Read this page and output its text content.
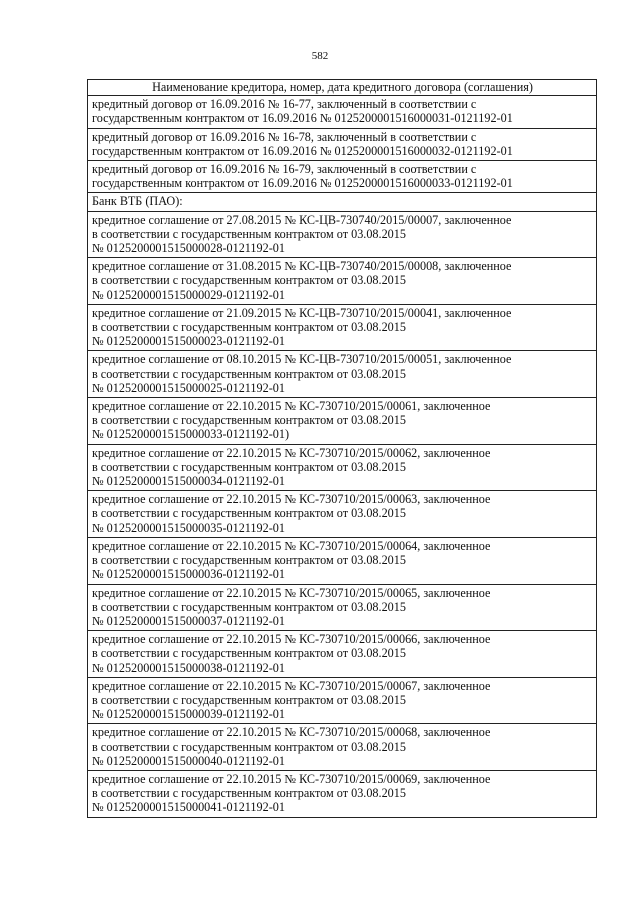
582
Наименование кредитора, номер, дата кредитного договора (соглашения)

кредитный договор от 16.09.2016 № 16-77, заключенный в соответствии с
государственным контрактом от 16.09.2016 № 0125200001516000031-0121192-01

кредитный договор от 16.09.2016 № 16-78, заключенный в соответствии с
государственным контрактом от 16.09.2016 № 0125200001516000032-0121192-01

кредитный договор от 16.09.2016 № 16-79, заключенный в соответствии с
государственным контрактом от 16.09.2016 № 0125200001516000033-0121192-01

Банк ВТБ (ПАО):

кредитное соглашение от 27.08.2015 № КС-ЦВ-730740/2015/00007, заключенное
в соответствии с государственным контрактом от 03.08.2015
№ 0125200001515000028-0121192-01

кредитное соглашение от 31.08.2015 № КС-ЦВ-730740/2015/00008, заключенное
в соответствии с государственным контрактом от 03.08.2015
№ 0125200001515000029-0121192-01

кредитное соглашение от 21.09.2015 № КС-ЦВ-730710/2015/00041, заключенное
в соответствии с государственным контрактом от 03.08.2015
№ 0125200001515000023-0121192-01

кредитное соглашение от 08.10.2015 № КС-ЦВ-730710/2015/00051, заключенное
в соответствии с государственным контрактом от 03.08.2015
№ 0125200001515000025-0121192-01

кредитное соглашение от 22.10.2015 № КС-730710/2015/00061, заключенное
в соответствии с государственным контрактом от 03.08.2015
№ 0125200001515000033-0121192-01)

кредитное соглашение от 22.10.2015 № КС-730710/2015/00062, заключенное
в соответствии с государственным контрактом от 03.08.2015
№ 0125200001515000034-0121192-01

кредитное соглашение от 22.10.2015 № КС-730710/2015/00063, заключенное
в соответствии с государственным контрактом от 03.08.2015
№ 0125200001515000035-0121192-01

кредитное соглашение от 22.10.2015 № КС-730710/2015/00064, заключенное
в соответствии с государственным контрактом от 03.08.2015
№ 0125200001515000036-0121192-01

кредитное соглашение от 22.10.2015 № КС-730710/2015/00065, заключенное
в соответствии с государственным контрактом от 03.08.2015
№ 0125200001515000037-0121192-01

кредитное соглашение от 22.10.2015 № КС-730710/2015/00066, заключенное
в соответствии с государственным контрактом от 03.08.2015
№ 0125200001515000038-0121192-01

кредитное соглашение от 22.10.2015 № КС-730710/2015/00067, заключенное
в соответствии с государственным контрактом от 03.08.2015
№ 0125200001515000039-0121192-01

кредитное соглашение от 22.10.2015 № КС-730710/2015/00068, заключенное
в соответствии с государственным контрактом от 03.08.2015
№ 0125200001515000040-0121192-01

кредитное соглашение от 22.10.2015 № КС-730710/2015/00069, заключенное
в соответствии с государственным контрактом от 03.08.2015
№ 0125200001515000041-0121192-01
